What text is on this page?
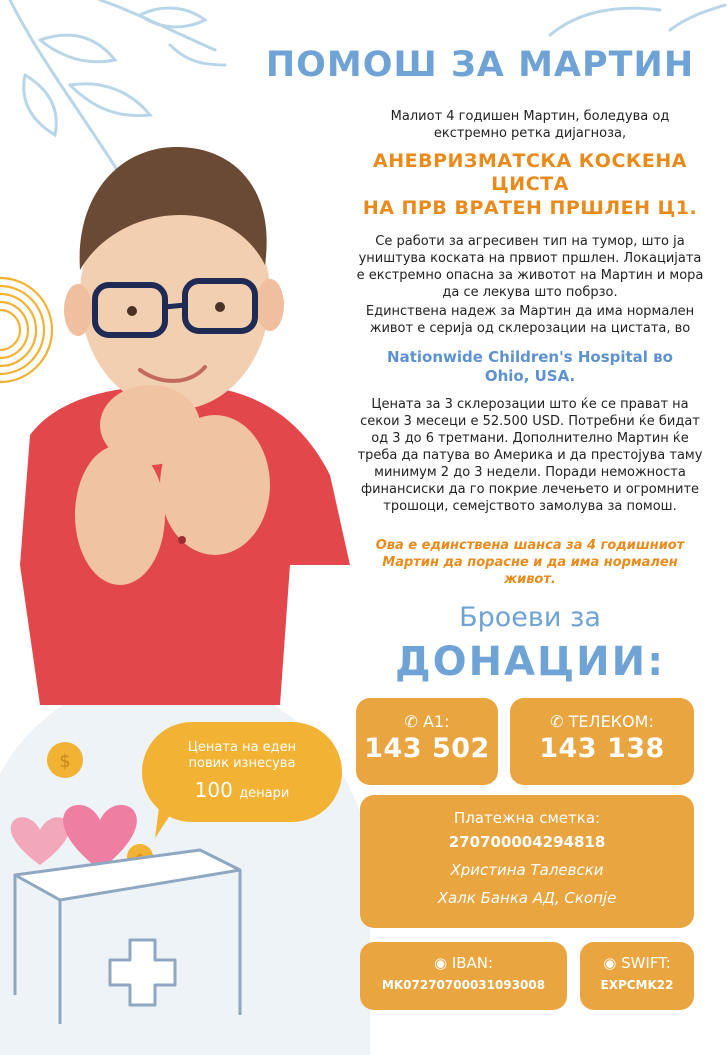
ПОМОШ ЗА МАРТИН
Малиот 4 годишен Мартин, боледува од екстремно ретка дијагноза,
АНЕВРИЗМАТСКА КОСКЕНА ЦИСТА
НА ПРВ ВРАТЕН ПРШЛЕН Ц1.
Се работи за агресивен тип на тумор, што ја уништува коската на првиот пршлен. Локацијата е екстремно опасна за животот на Мартин и мора да се лекува што побрзо.
Единствена надеж за Мартин да има нормален живот е серија од склерозации на цистата, во
Nationwide Children's Hospital во Ohio, USA.
Цената за 3 склерозации што ќе се прават на секои 3 месеци е 52.500 USD. Потребни ќе бидат од 3 до 6 третмани. Дополнително Мартин ќе треба да патува во Америка и да престојува таму минимум 2 до 3 недели. Поради неможноста финансиски да го покрие лечењето и огромните трошоци, семејството замолува за помош.
Ова е единствена шанса за 4 годишниот Мартин да порасне и да има нормален живот.
Броеви за
ДОНАЦИИ:
✆ А1:
143 502
✆ ТЕЛЕКОМ:
143 138
Платежна сметка:
270700004294818
Христина Талевски
Халк Банка АД, Скопје
◉ IBAN:
MK07270700031093008
◉ SWIFT:
EXPCMK22
Цената на еден повик изнесува
100 денари
$
